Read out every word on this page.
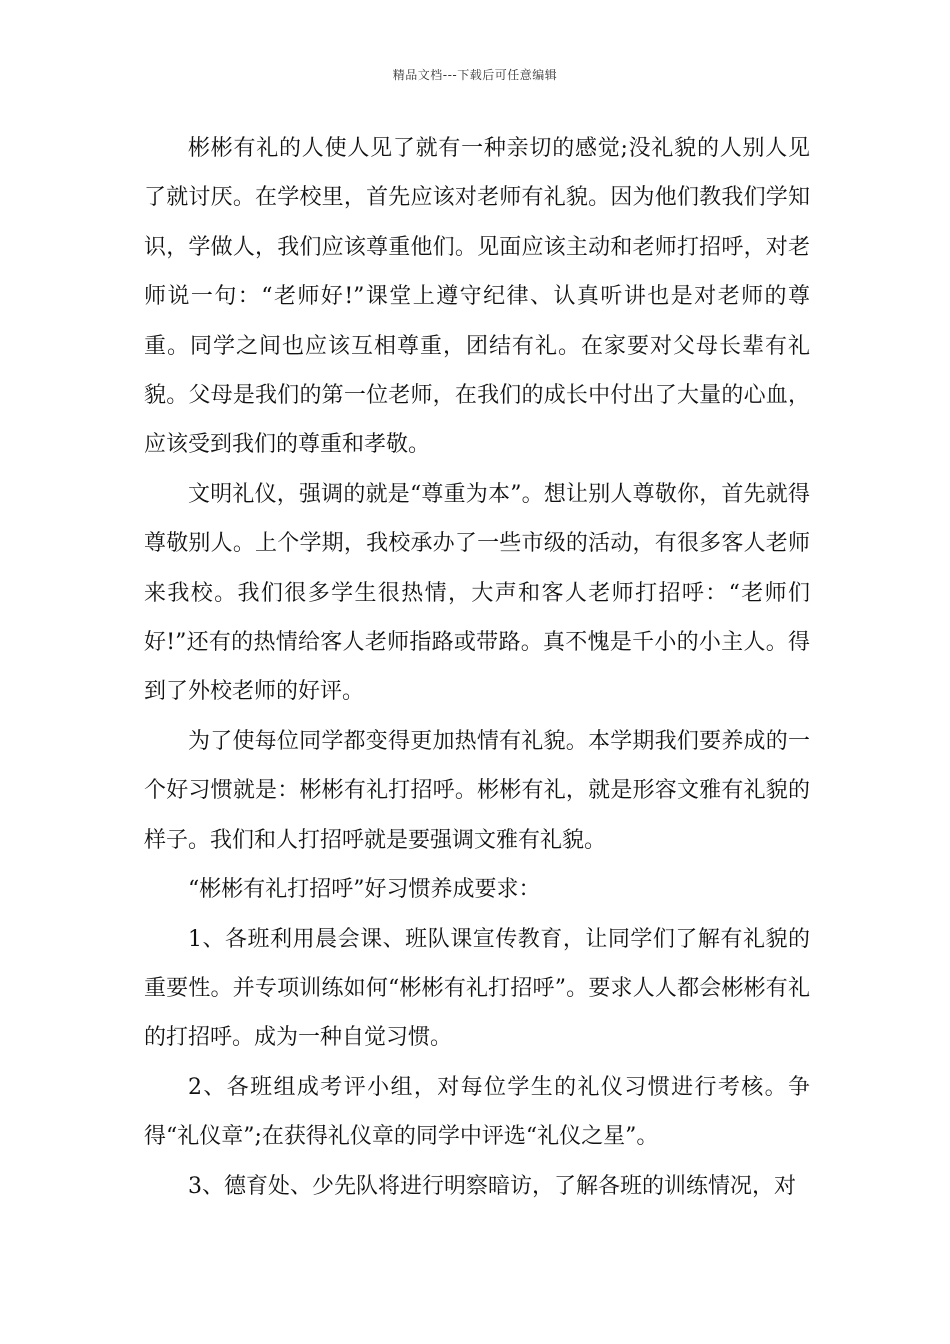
精品文档---下载后可任意编辑

彬彬有礼的人使人见了就有一种亲切的感觉;没礼貌的人别人见了就讨厌。在学校里，首先应该对老师有礼貌。因为他们教我们学知识，学做人，我们应该尊重他们。见面应该主动和老师打招呼，对老师说一句：“老师好!”课堂上遵守纪律、认真听讲也是对老师的尊重。同学之间也应该互相尊重，团结有礼。在家要对父母长辈有礼貌。父母是我们的第一位老师，在我们的成长中付出了大量的心血，应该受到我们的尊重和孝敬。

文明礼仪，强调的就是“尊重为本”。想让别人尊敬你，首先就得尊敬别人。上个学期，我校承办了一些市级的活动，有很多客人老师来我校。我们很多学生很热情，大声和客人老师打招呼：“老师们好!”还有的热情给客人老师指路或带路。真不愧是千小的小主人。得到了外校老师的好评。

为了使每位同学都变得更加热情有礼貌。本学期我们要养成的一个好习惯就是：彬彬有礼打招呼。彬彬有礼，就是形容文雅有礼貌的样子。我们和人打招呼就是要强调文雅有礼貌。

“彬彬有礼打招呼”好习惯养成要求：

1、各班利用晨会课、班队课宣传教育，让同学们了解有礼貌的重要性。并专项训练如何“彬彬有礼打招呼”。要求人人都会彬彬有礼的打招呼。成为一种自觉习惯。

2、各班组成考评小组，对每位学生的礼仪习惯进行考核。争得“礼仪章”;在获得礼仪章的同学中评选“礼仪之星”。

3、德育处、少先队将进行明察暗访，了解各班的训练情况，对
